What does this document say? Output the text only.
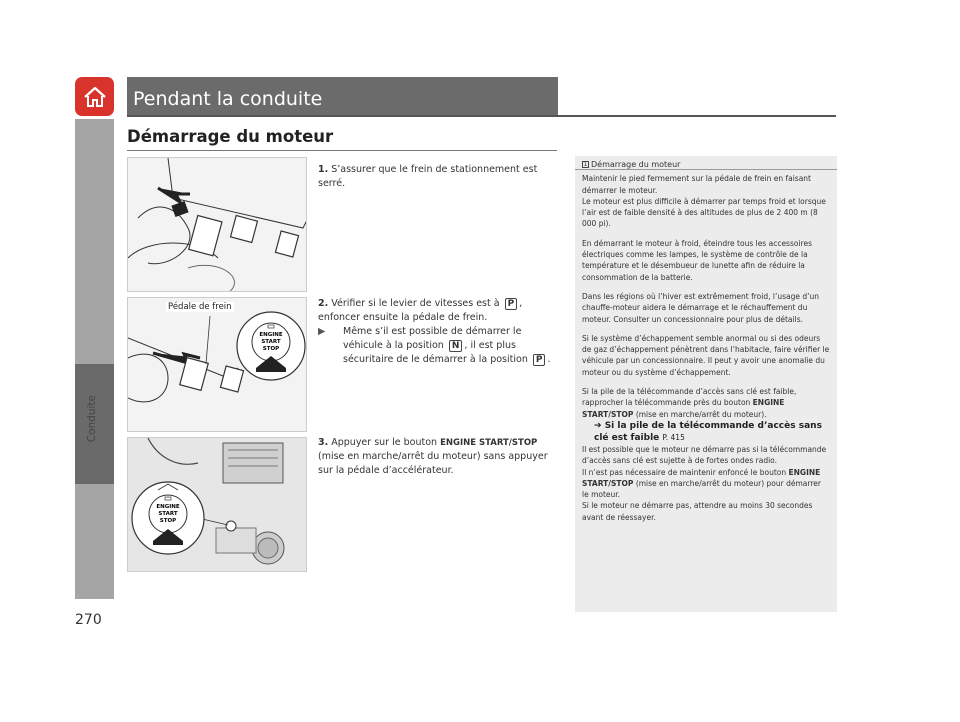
Conduite
270
Pendant la conduite
Démarrage du moteur
ENGINE
START
STOP
Pédale de frein
ENGINE
START
STOP
1. S’assurer que le frein de stationnement est serré.
2. Vérifier si le levier de vitesses est à P , enfoncer ensuite la pédale de frein.
▶	Même s’il est possible de démarrer le véhicule à la position N , il est plus sécuritaire de le démarrer à la position P .
3. Appuyer sur le bouton ENGINE START/STOP (mise en marche/arrêt du moteur) sans appuyer sur la pédale d’accélérateur.
1 Démarrage du moteur

Maintenir le pied fermement sur la pédale de frein en faisant démarrer le moteur.

Le moteur est plus difficile à démarrer par temps froid et lorsque l’air est de faible densité à des altitudes de plus de 2 400 m (8 000 pi).

En démarrant le moteur à froid, éteindre tous les accessoires électriques comme les lampes, le système de contrôle de la température et le désembueur de lunette afin de réduire la consommation de la batterie.

Dans les régions où l’hiver est extrêmement froid, l’usage d’un chauffe-moteur aidera le démarrage et le réchauffement du moteur. Consulter un concessionnaire pour plus de détails.

Si le système d’échappement semble anormal ou si des odeurs de gaz d’échappement pénètrent dans l’habitacle, faire vérifier le véhicule par un concessionnaire. Il peut y avoir une anomalie du moteur ou du système d’échappement.

Si la pile de la télécommande d’accès sans clé est faible, rapprocher la télécommande près du bouton ENGINE START/STOP (mise en marche/arrêt du moteur).

➔ Si la pile de la télécommande d’accès sans clé est faible P. 415

Il est possible que le moteur ne démarre pas si la télécommande d’accès sans clé est sujette à de fortes ondes radio.

Il n’est pas nécessaire de maintenir enfoncé le bouton ENGINE START/STOP (mise en marche/arrêt du moteur) pour démarrer le moteur.

Si le moteur ne démarre pas, attendre au moins 30 secondes avant de réessayer.
